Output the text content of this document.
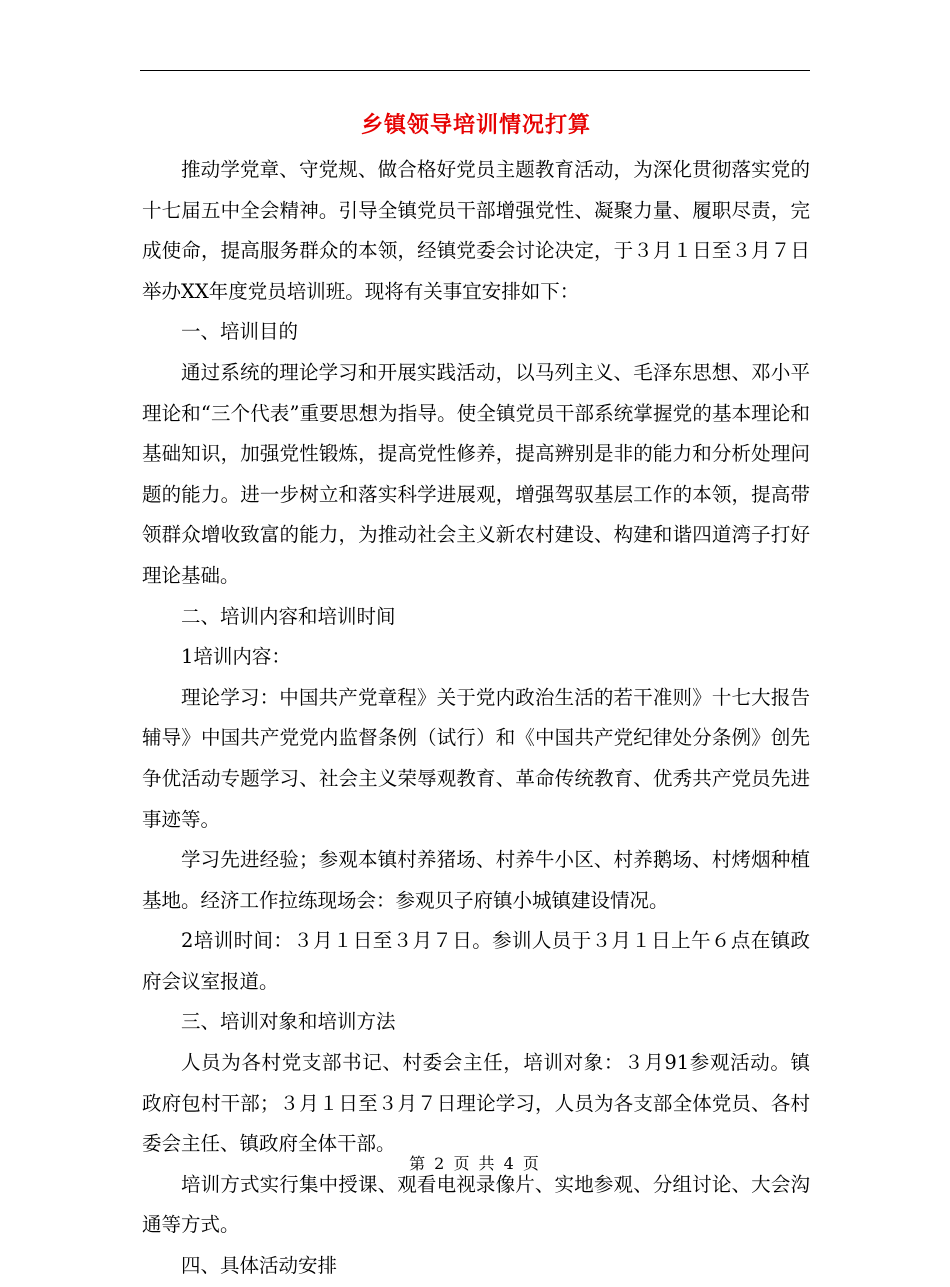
乡镇领导培训情况打算

推动学党章、守党规、做合格好党员主题教育活动，为深化贯彻落实党的十七届五中全会精神。引导全镇党员干部增强党性、凝聚力量、履职尽责，完成使命，提高服务群众的本领，经镇党委会讨论决定，于３月１日至３月７日举办XX年度党员培训班。现将有关事宜安排如下：

一、培训目的

通过系统的理论学习和开展实践活动，以马列主义、毛泽东思想、邓小平理论和“三个代表”重要思想为指导。使全镇党员干部系统掌握党的基本理论和基础知识，加强党性锻炼，提高党性修养，提高辨别是非的能力和分析处理问题的能力。进一步树立和落实科学进展观，增强驾驭基层工作的本领，提高带领群众增收致富的能力，为推动社会主义新农村建设、构建和谐四道湾子打好理论基础。

二、培训内容和培训时间

1培训内容：

理论学习：中国共产党章程》关于党内政治生活的若干准则》十七大报告辅导》中国共产党党内监督条例（试行）和《中国共产党纪律处分条例》创先争优活动专题学习、社会主义荣辱观教育、革命传统教育、优秀共产党员先进事迹等。

学习先进经验；参观本镇村养猪场、村养牛小区、村养鹅场、村烤烟种植基地。经济工作拉练现场会：参观贝子府镇小城镇建设情况。

2培训时间：３月１日至３月７日。参训人员于３月１日上午６点在镇政府会议室报道。

三、培训对象和培训方法

人员为各村党支部书记、村委会主任，培训对象：３月91参观活动。镇政府包村干部；３月１日至３月７日理论学习，人员为各支部全体党员、各村委会主任、镇政府全体干部。

培训方式实行集中授课、观看电视录像片、实地参观、分组讨论、大会沟通等方式。

四、具体活动安排

第 2 页 共 4 页
